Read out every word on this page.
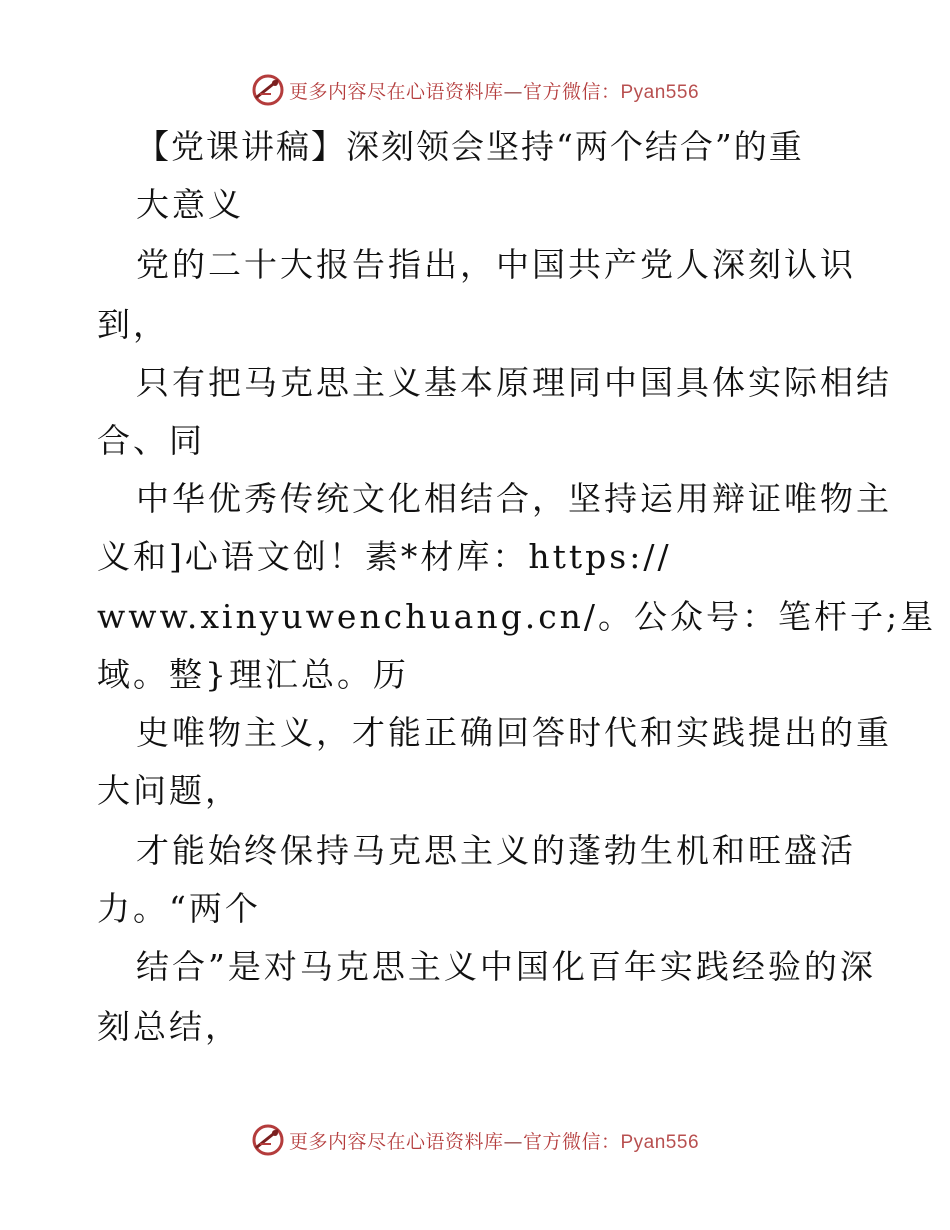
更多内容尽在心语资料库—官方微信：Pyan556
【党课讲稿】深刻领会坚持“两个结合”的重
大意义
党的二十大报告指出，中国共产党人深刻认识
到，
只有把马克思主义基本原理同中国具体实际相结
合、同
中华优秀传统文化相结合，坚持运用辩证唯物主
义和]心语文创！素*材库：https://
www.xinyuwenchuang.cn/。公众号：笔杆子;星
域。整}理汇总。历
史唯物主义，才能正确回答时代和实践提出的重
大问题，
才能始终保持马克思主义的蓬勃生机和旺盛活
力。“两个
结合”是对马克思主义中国化百年实践经验的深
刻总结，
更多内容尽在心语资料库—官方微信：Pyan556
